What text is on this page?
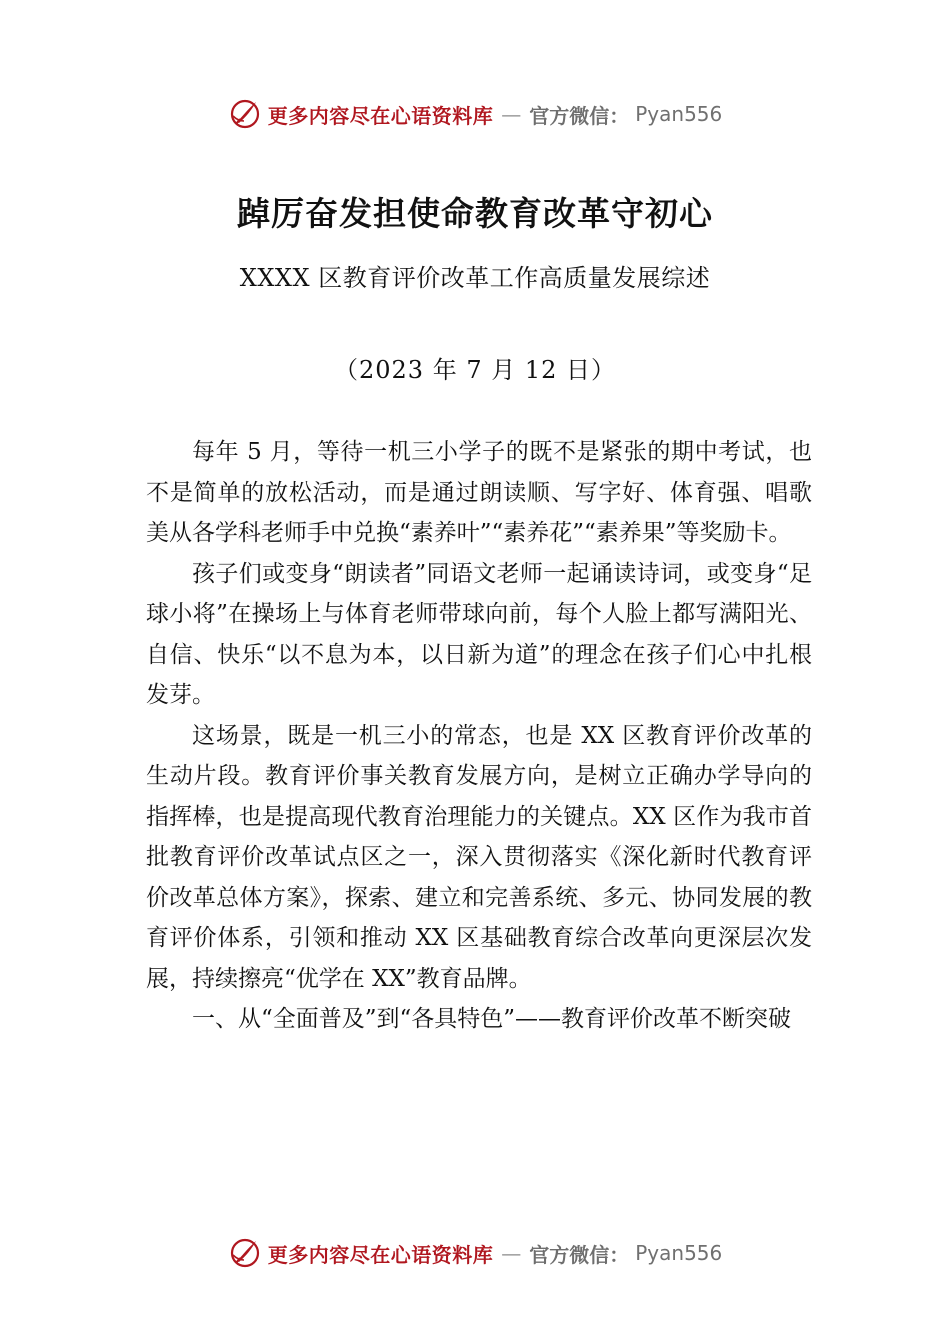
更多内容尽在心语资料库 — 官方微信： Pyan556
踔厉奋发担使命教育改革守初心
XXXX 区教育评价改革工作高质量发展综述
（2023 年 7 月 12 日）

每年 5 月，等待一机三小学子的既不是紧张的期中考试，也不是简单的放松活动，而是通过朗读顺、写字好、体育强、唱歌美从各学科老师手中兑换“素养叶”“素养花”“素养果”等奖励卡。

孩子们或变身“朗读者”同语文老师一起诵读诗词，或变身“足球小将”在操场上与体育老师带球向前，每个人脸上都写满阳光、自信、快乐“以不息为本，以日新为道”的理念在孩子们心中扎根发芽。

这场景，既是一机三小的常态，也是 XX 区教育评价改革的生动片段。教育评价事关教育发展方向，是树立正确办学导向的指挥棒，也是提高现代教育治理能力的关键点。XX 区作为我市首批教育评价改革试点区之一，深入贯彻落实《深化新时代教育评价改革总体方案》，探索、建立和完善系统、多元、协同发展的教育评价体系，引领和推动 XX 区基础教育综合改革向更深层次发展，持续擦亮“优学在 XX”教育品牌。

一、从“全面普及”到“各具特色”——教育评价改革不断突破

更多内容尽在心语资料库 — 官方微信： Pyan556
